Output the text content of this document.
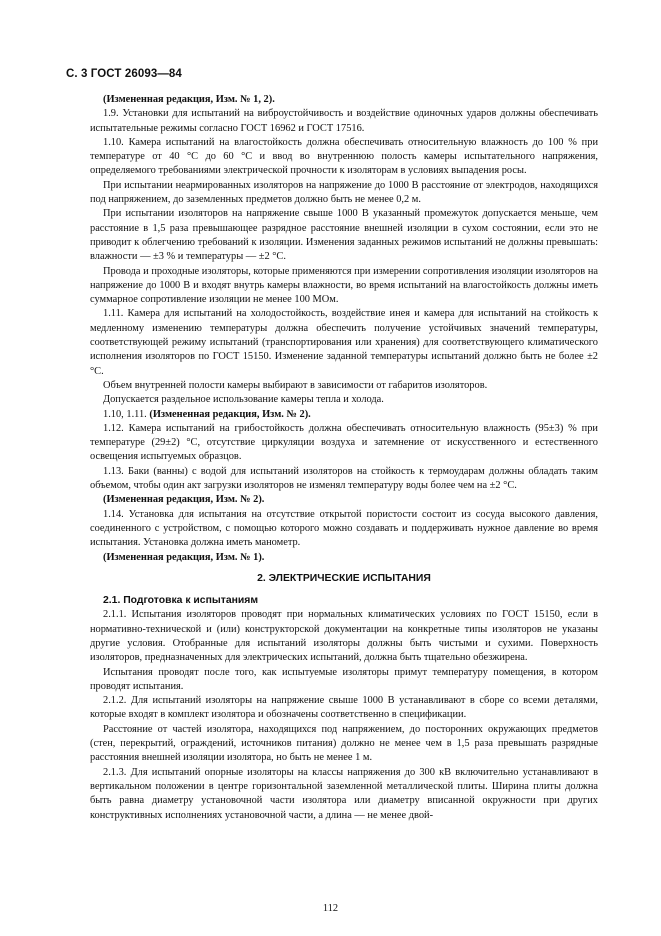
С. 3 ГОСТ 26093—84

(Измененная редакция, Изм. № 1, 2).

1.9. Установки для испытаний на виброустойчивость и воздействие одиночных ударов должны обеспечивать испытательные режимы согласно ГОСТ 16962 и ГОСТ 17516.

1.10. Камера испытаний на влагостойкость должна обеспечивать относительную влажность до 100 % при температуре от 40 °С до 60 °С и ввод во внутреннюю полость камеры испытательного напряжения, определяемого требованиями электрической прочности к изоляторам в условиях выпадения росы.

При испытании неармированных изоляторов на напряжение до 1000 В расстояние от электродов, находящихся под напряжением, до заземленных предметов должно быть не менее 0,2 м.

При испытании изоляторов на напряжение свыше 1000 В указанный промежуток допускается меньше, чем расстояние в 1,5 раза превышающее разрядное расстояние внешней изоляции в сухом состоянии, если это не приводит к облегчению требований к изоляции. Изменения заданных режимов испытаний не должны превышать: влажности — ±3 % и температуры — ±2 °С.

Провода и проходные изоляторы, которые применяются при измерении сопротивления изоляции изоляторов на напряжение до 1000 В и входят внутрь камеры влажности, во время испытаний на влагостойкость должны иметь суммарное сопротивление изоляции не менее 100 МОм.

1.11. Камера для испытаний на холодостойкость, воздействие инея и камера для испытаний на стойкость к медленному изменению температуры должна обеспечить получение устойчивых значений температуры, соответствующей режиму испытаний (транспортирования или хранения) для соответствующего климатического исполнения изоляторов по ГОСТ 15150. Изменение заданной температуры испытаний должно быть не более ±2 °С.

Объем внутренней полости камеры выбирают в зависимости от габаритов изоляторов.

Допускается раздельное использование камеры тепла и холода.

1.10, 1.11. (Измененная редакция, Изм. № 2).

1.12. Камера испытаний на грибостойкость должна обеспечивать относительную влажность (95±3) % при температуре (29±2) °С, отсутствие циркуляции воздуха и затемнение от искусственного и естественного освещения испытуемых образцов.

1.13. Баки (ванны) с водой для испытаний изоляторов на стойкость к термоударам должны обладать таким объемом, чтобы один акт загрузки изоляторов не изменял температуру воды более чем на ±2 °С.

(Измененная редакция, Изм. № 2).

1.14. Установка для испытания на отсутствие открытой пористости состоит из сосуда высокого давления, соединенного с устройством, с помощью которого можно создавать и поддерживать нужное давление во время испытания. Установка должна иметь манометр.

(Измененная редакция, Изм. № 1).

2. ЭЛЕКТРИЧЕСКИЕ ИСПЫТАНИЯ
2.1. Подготовка к испытаниям

2.1.1. Испытания изоляторов проводят при нормальных климатических условиях по ГОСТ 15150, если в нормативно-технической и (или) конструкторской документации на конкретные типы изоляторов не указаны другие условия. Отобранные для испытаний изоляторы должны быть чистыми и сухими. Поверхность изоляторов, предназначенных для электрических испытаний, должна быть тщательно обезжирена.

Испытания проводят после того, как испытуемые изоляторы примут температуру помещения, в котором проводят испытания.

2.1.2. Для испытаний изоляторы на напряжение свыше 1000 В устанавливают в сборе со всеми деталями, которые входят в комплект изолятора и обозначены соответственно в спецификации.

Расстояние от частей изолятора, находящихся под напряжением, до посторонних окружающих предметов (стен, перекрытий, ограждений, источников питания) должно не менее чем в 1,5 раза превышать разрядные расстояния внешней изоляции изолятора, но быть не менее 1 м.

2.1.3. Для испытаний опорные изоляторы на классы напряжения до 300 кВ включительно устанавливают в вертикальном положении в центре горизонтальной заземленной металлической плиты. Ширина плиты должна быть равна диаметру установочной части изолятора или диаметру вписанной окружности при других конструктивных исполнениях установочной части, а длина — не менее двой-

112
